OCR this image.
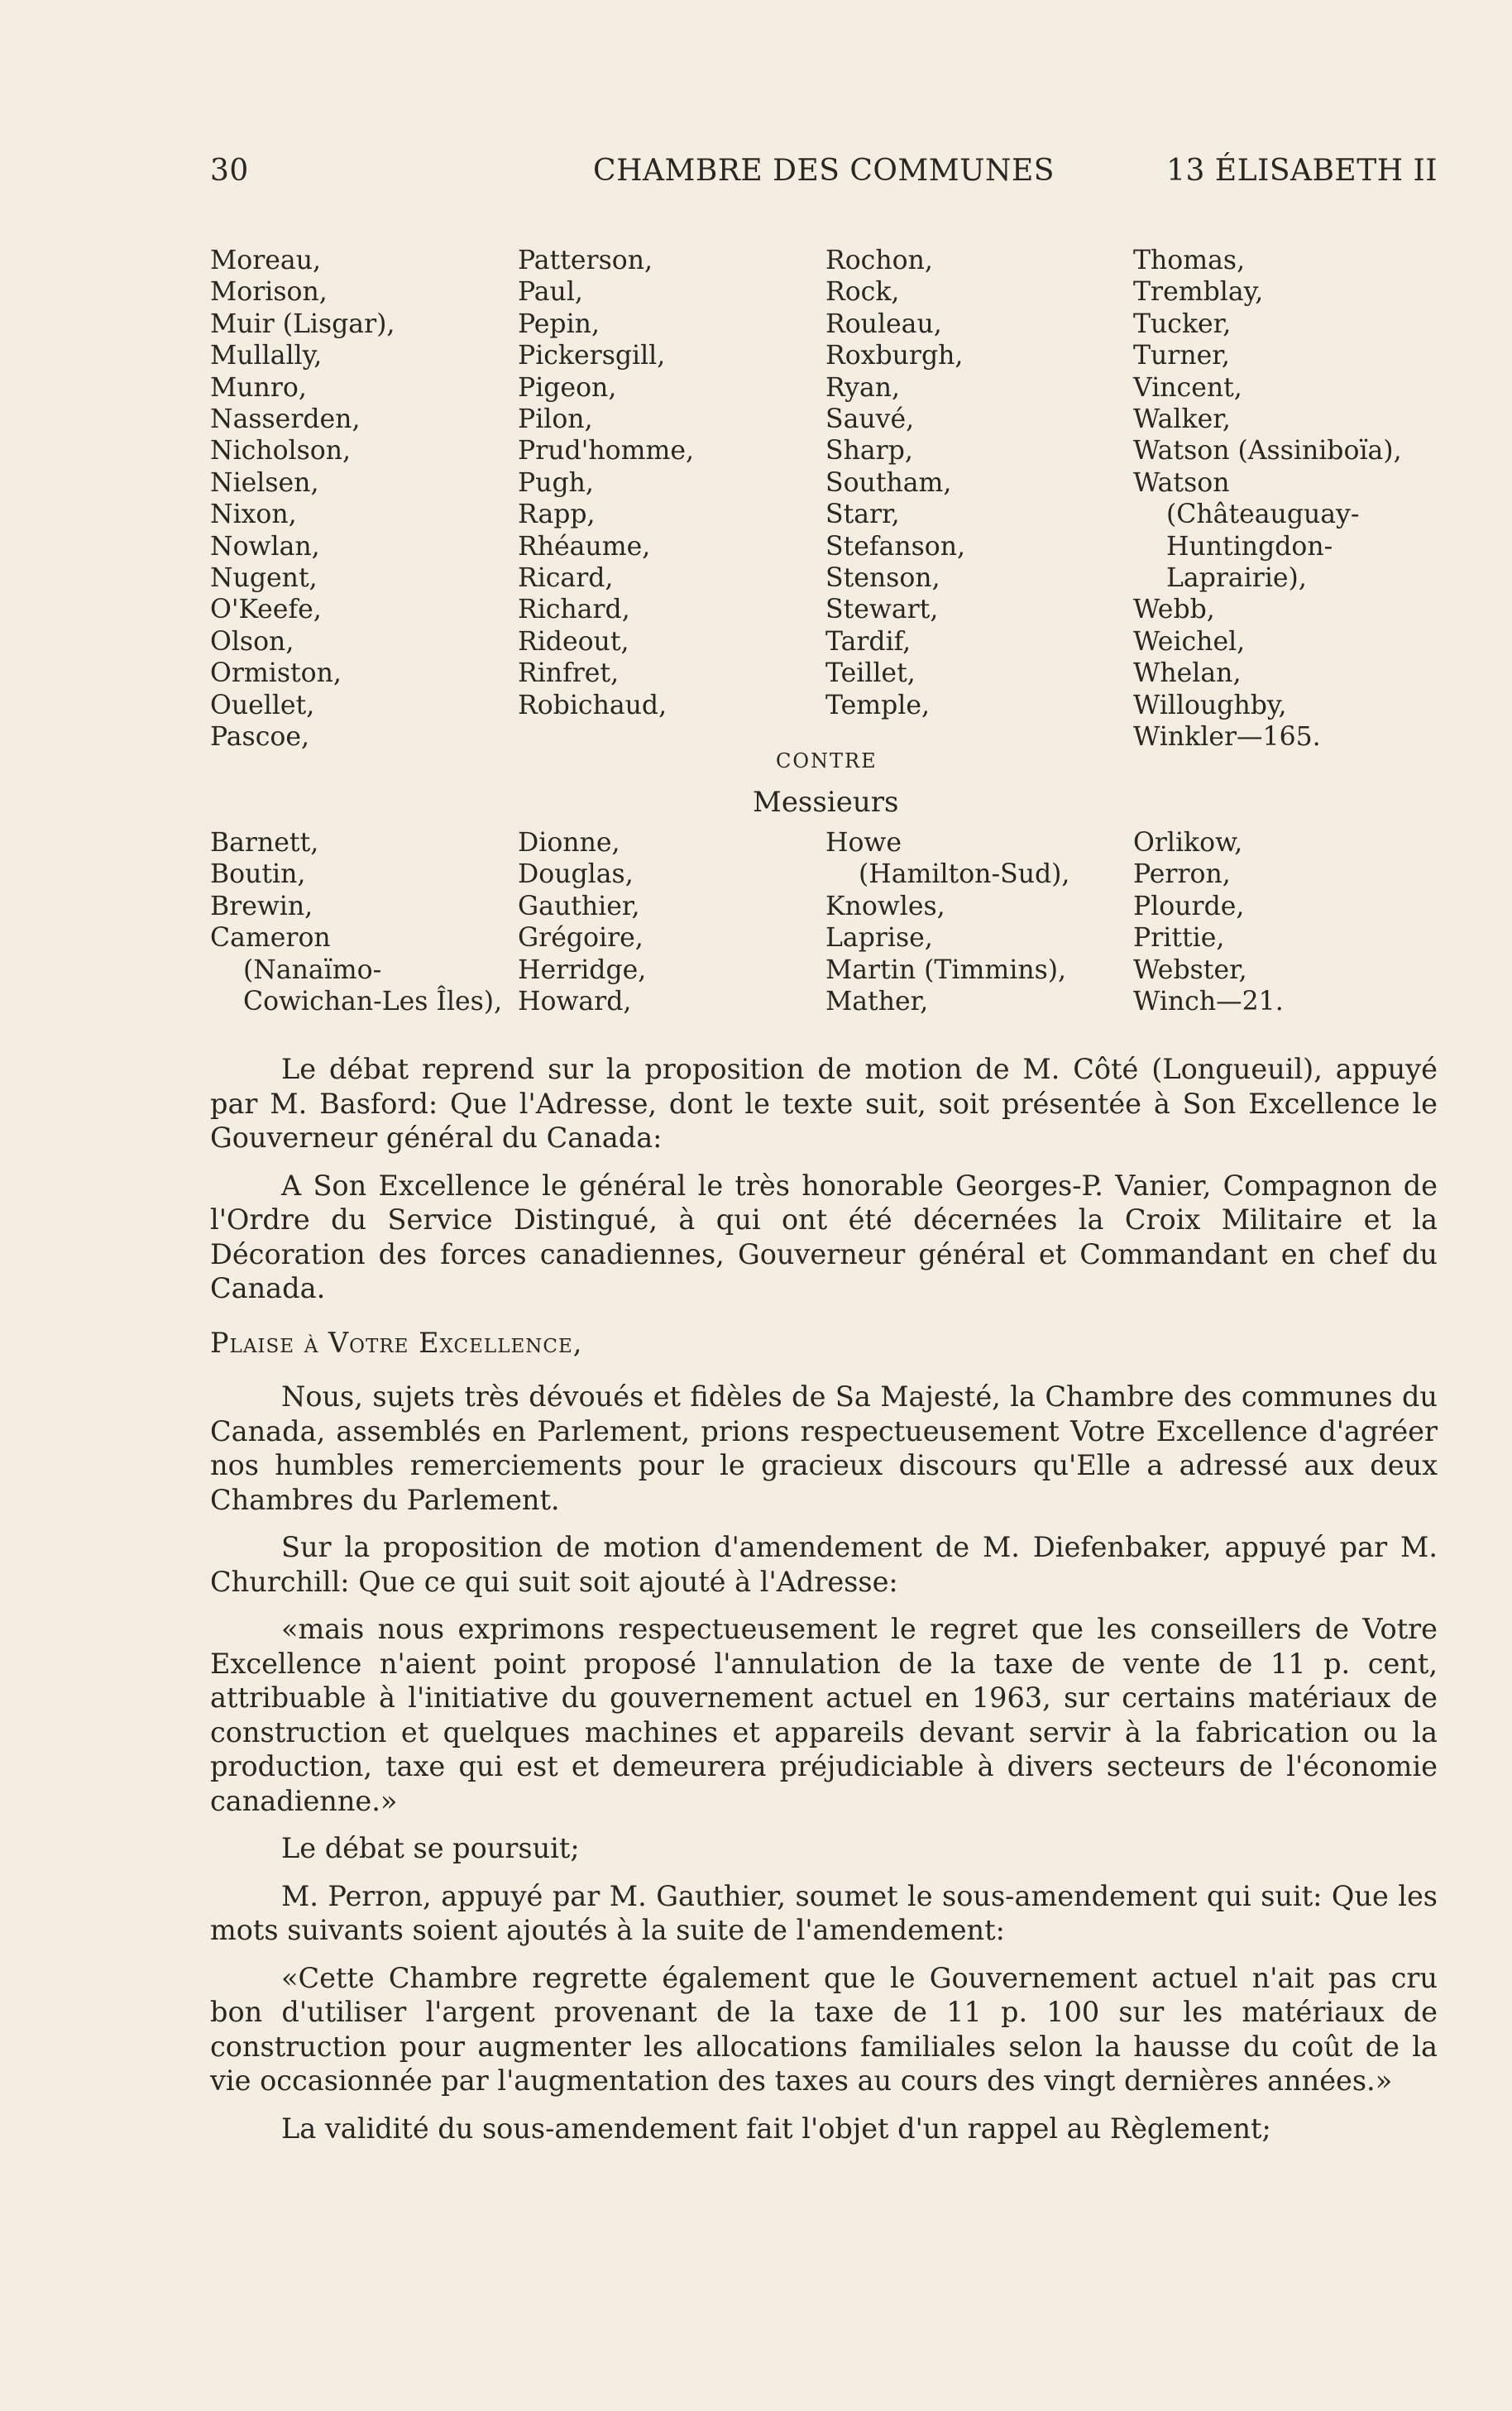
30	CHAMBRE DES COMMUNES	13 ÉLISABETH II
Moreau,
Morison,
Muir (Lisgar),
Mullally,
Munro,
Nasserden,
Nicholson,
Nielsen,
Nixon,
Nowlan,
Nugent,
O'Keefe,
Olson,
Ormiston,
Ouellet,
Pascoe,
Patterson,
Paul,
Pepin,
Pickersgill,
Pigeon,
Pilon,
Prud'homme,
Pugh,
Rapp,
Rhéaume,
Ricard,
Richard,
Rideout,
Rinfret,
Robichaud,
Rochon,
Rock,
Rouleau,
Roxburgh,
Ryan,
Sauvé,
Sharp,
Southam,
Starr,
Stefanson,
Stenson,
Stewart,
Tardif,
Teillet,
Temple,
Thomas,
Tremblay,
Tucker,
Turner,
Vincent,
Walker,
Watson (Assiniboïa),
Watson
(Châteauguay-
Huntingdon-
Laprairie),
Webb,
Weichel,
Whelan,
Willoughby,
Winkler—165.
CONTRE
Messieurs
Barnett,
Boutin,
Brewin,
Cameron
(Nanaïmo-
Cowichan-Les Îles),
Dionne,
Douglas,
Gauthier,
Grégoire,
Herridge,
Howard,
Howe
(Hamilton-Sud),
Knowles,
Laprise,
Martin (Timmins),
Mather,
Orlikow,
Perron,
Plourde,
Prittie,
Webster,
Winch—21.

Le débat reprend sur la proposition de motion de M. Côté (Longueuil), appuyé par M. Basford: Que l'Adresse, dont le texte suit, soit présentée à Son Excellence le Gouverneur général du Canada:

A Son Excellence le général le très honorable Georges-P. Vanier, Compagnon de l'Ordre du Service Distingué, à qui ont été décernées la Croix Militaire et la Décoration des forces canadiennes, Gouverneur général et Commandant en chef du Canada.

Plaise à Votre Excellence,

Nous, sujets très dévoués et fidèles de Sa Majesté, la Chambre des communes du Canada, assemblés en Parlement, prions respectueusement Votre Excellence d'agréer nos humbles remerciements pour le gracieux discours qu'Elle a adressé aux deux Chambres du Parlement.

Sur la proposition de motion d'amendement de M. Diefenbaker, appuyé par M. Churchill: Que ce qui suit soit ajouté à l'Adresse:

«mais nous exprimons respectueusement le regret que les conseillers de Votre Excellence n'aient point proposé l'annulation de la taxe de vente de 11 p. cent, attribuable à l'initiative du gouvernement actuel en 1963, sur certains matériaux de construction et quelques machines et appareils devant servir à la fabrication ou la production, taxe qui est et demeurera préjudiciable à divers secteurs de l'économie canadienne.»

Le débat se poursuit;

M. Perron, appuyé par M. Gauthier, soumet le sous-amendement qui suit: Que les mots suivants soient ajoutés à la suite de l'amendement:

«Cette Chambre regrette également que le Gouvernement actuel n'ait pas cru bon d'utiliser l'argent provenant de la taxe de 11 p. 100 sur les matériaux de construction pour augmenter les allocations familiales selon la hausse du coût de la vie occasionnée par l'augmentation des taxes au cours des vingt dernières années.»

La validité du sous-amendement fait l'objet d'un rappel au Règlement;
